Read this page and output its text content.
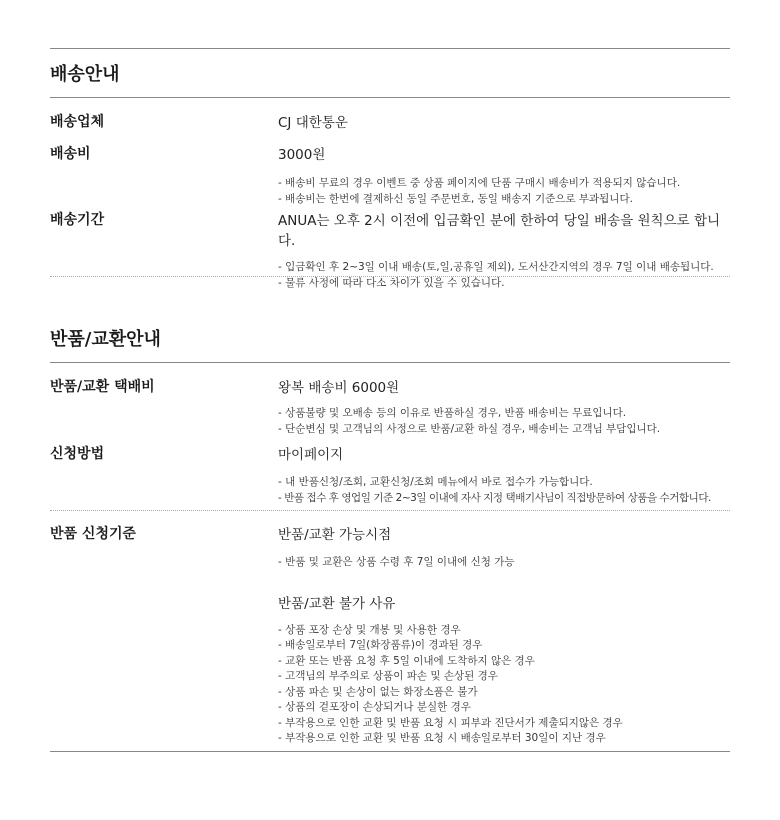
배송안내
배송업체	CJ 대한통운
배송비	3000원
- 배송비 무료의 경우 이벤트 중 상품 페이지에 단품 구매시 배송비가 적용되지 않습니다.
- 배송비는 한번에 결제하신 동일 주문번호, 동일 배송지 기준으로 부과됩니다.
배송기간	ANUA는 오후 2시 이전에 입금확인 분에 한하여 당일 배송을 원칙으로 합니다.
- 입금확인 후 2~3일 이내 배송(토,일,공휴일 제외), 도서산간지역의 경우 7일 이내 배송됩니다.
- 물류 사정에 따라 다소 차이가 있을 수 있습니다.
반품/교환안내
반품/교환 택배비	왕복 배송비 6000원
- 상품불량 및 오배송 등의 이유로 반품하실 경우, 반품 배송비는 무료입니다.
- 단순변심 및 고객님의 사정으로 반품/교환 하실 경우, 배송비는 고객님 부담입니다.
신청방법	마이페이지
- 내 반품신청/조회, 교환신청/조회 메뉴에서 바로 접수가 가능합니다.
- 반품 접수 후 영업일 기준 2~3일 이내에 자사 지정 택배기사님이 직접방문하여 상품을 수거합니다.
반품 신청기준	반품/교환 가능시점
- 반품 및 교환은 상품 수령 후 7일 이내에 신청 가능
반품/교환 불가 사유
- 상품 포장 손상 및 개봉 및 사용한 경우
- 배송일로부터 7일(화장품류)이 경과된 경우
- 교환 또는 반품 요청 후 5일 이내에 도착하지 않은 경우
- 고객님의 부주의로 상품이 파손 및 손상된 경우
- 상품 파손 및 손상이 없는 화장소품은 불가
- 상품의 겉포장이 손상되거나 분실한 경우
- 부작용으로 인한 교환 및 반품 요청 시 피부과 진단서가 제출되지않은 경우
- 부작용으로 인한 교환 및 반품 요청 시 배송일로부터 30일이 지난 경우
